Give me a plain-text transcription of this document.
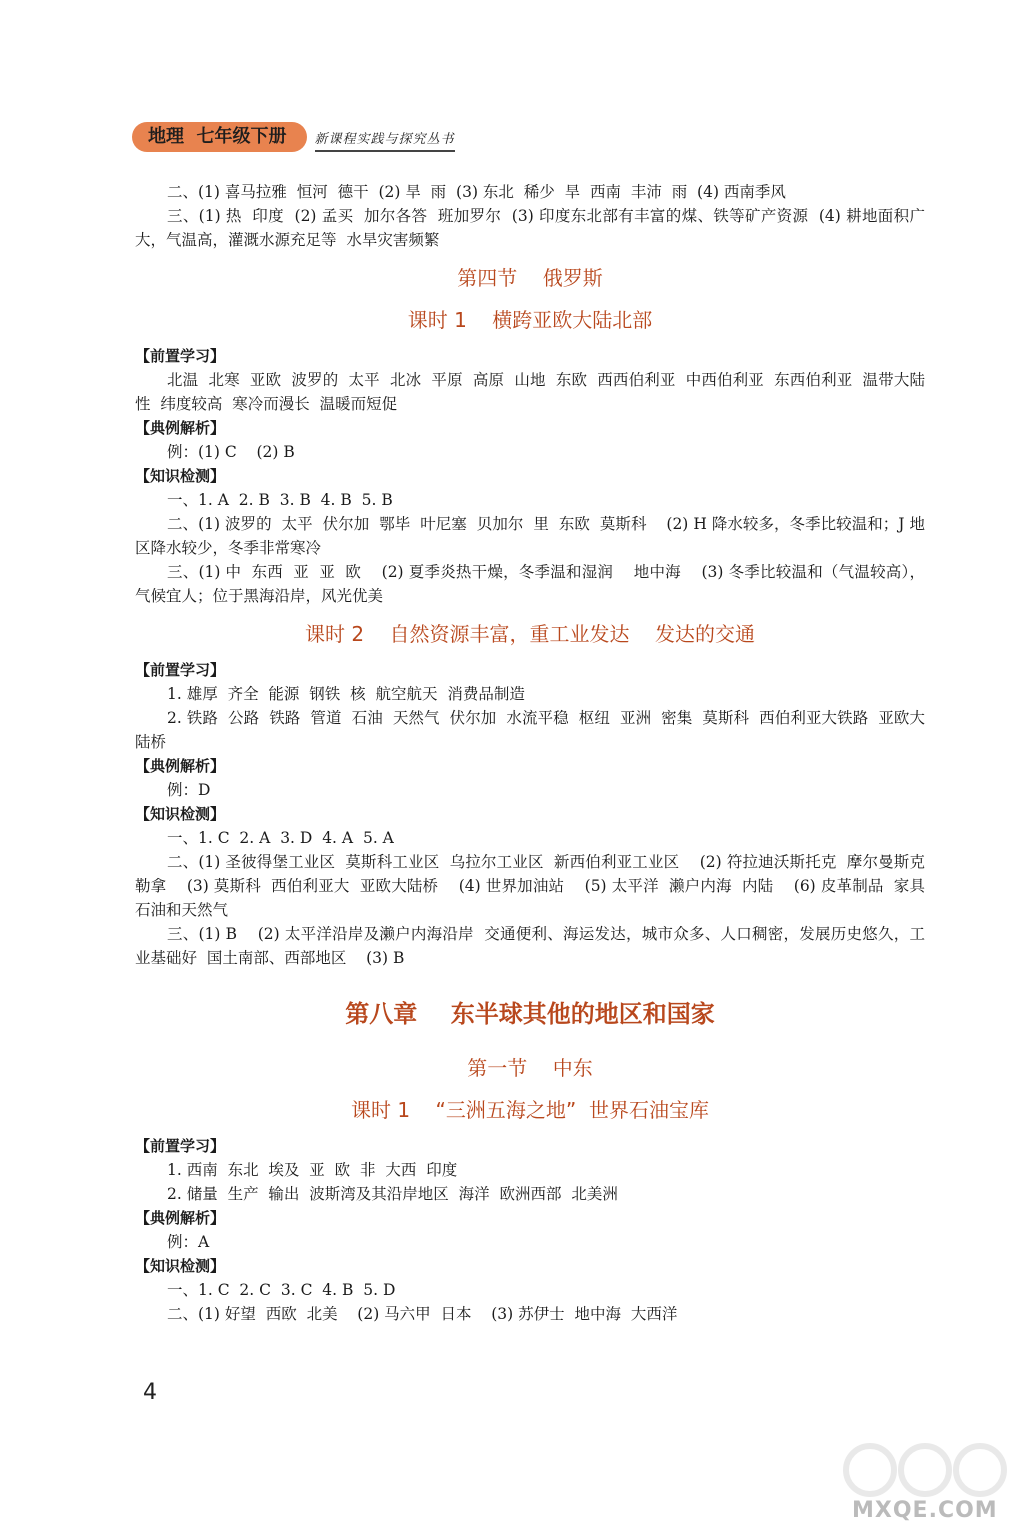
地理  七年级下册	新课程实践与探究丛书

二、(1) 喜马拉雅  恒河  德干  (2) 旱  雨  (3) 东北  稀少  旱  西南  丰沛  雨  (4) 西南季风

三、(1) 热  印度  (2) 孟买  加尔各答  班加罗尔  (3) 印度东北部有丰富的煤、铁等矿产资源  (4) 耕地面积广大，气温高，灌溉水源充足等  水旱灾害频繁

第四节    俄罗斯
课时 1    横跨亚欧大陆北部

【前置学习】

北温  北寒  亚欧  波罗的  太平  北冰  平原  高原  山地  东欧  西西伯利亚  中西伯利亚  东西伯利亚  温带大陆性  纬度较高  寒冷而漫长  温暖而短促

【典例解析】

例：(1) C    (2) B

【知识检测】

一、1. A  2. B  3. B  4. B  5. B

二、(1) 波罗的  太平  伏尔加  鄂毕  叶尼塞  贝加尔  里  东欧  莫斯科    (2) H 降水较多，冬季比较温和；J 地区降水较少，冬季非常寒冷

三、(1) 中  东西  亚  亚  欧    (2) 夏季炎热干燥，冬季温和湿润    地中海    (3) 冬季比较温和（气温较高），气候宜人；位于黑海沿岸，风光优美

课时 2    自然资源丰富，重工业发达    发达的交通

【前置学习】

1. 雄厚  齐全  能源  钢铁  核  航空航天  消费品制造

2. 铁路  公路  铁路  管道  石油  天然气  伏尔加  水流平稳  枢纽  亚洲  密集  莫斯科  西伯利亚大铁路  亚欧大陆桥

【典例解析】

例：D

【知识检测】

一、1. C  2. A  3. D  4. A  5. A

二、(1) 圣彼得堡工业区  莫斯科工业区  乌拉尔工业区  新西伯利亚工业区    (2) 符拉迪沃斯托克  摩尔曼斯克  勒拿    (3) 莫斯科  西伯利亚大  亚欧大陆桥    (4) 世界加油站    (5) 太平洋  濑户内海  内陆    (6) 皮革制品  家具  石油和天然气

三、(1) B    (2) 太平洋沿岸及濑户内海沿岸  交通便利、海运发达，城市众多、人口稠密，发展历史悠久，工业基础好  国土南部、西部地区    (3) B

第八章    东半球其他的地区和国家
第一节    中东
课时 1    “三洲五海之地”  世界石油宝库

【前置学习】

1. 西南  东北  埃及  亚  欧  非  大西  印度

2. 储量  生产  输出  波斯湾及其沿岸地区  海洋  欧洲西部  北美洲

【典例解析】

例：A

【知识检测】

一、1. C  2. C  3. C  4. B  5. D

二、(1) 好望  西欧  北美    (2) 马六甲  日本    (3) 苏伊士  地中海  大西洋

4
MXQE.COM
